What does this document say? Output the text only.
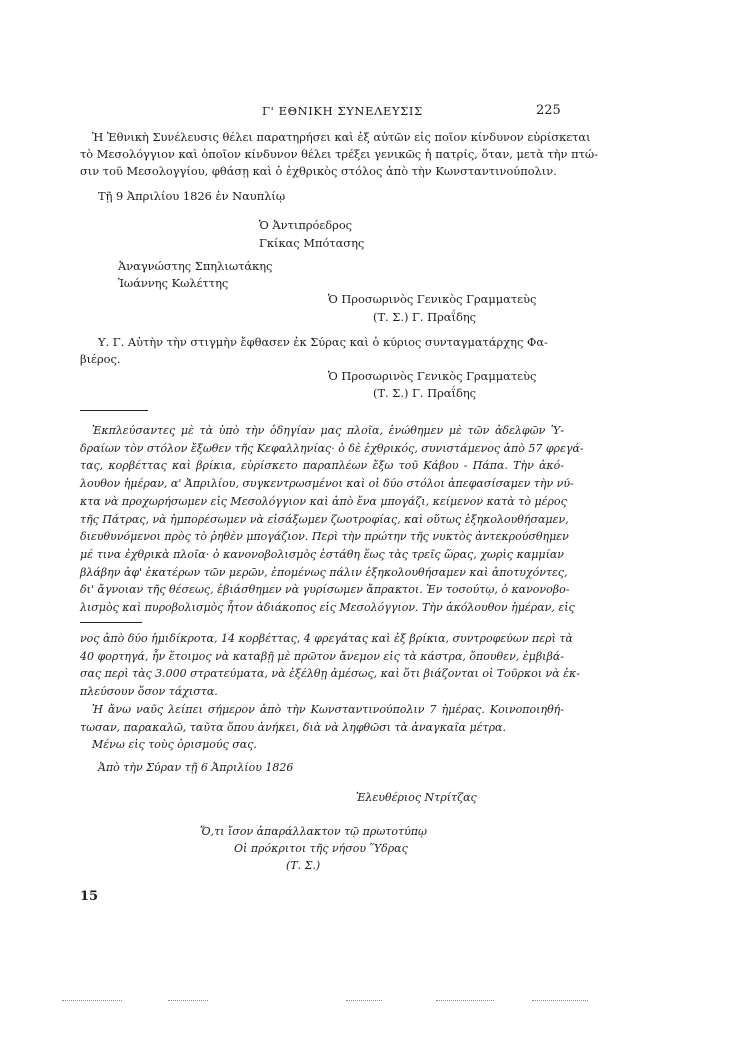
Γ' ΕΘΝΙΚΗ ΣΥΝΕΛΕΥΣΙΣ	225
Ἡ Ἐθνικὴ Συνέλευσις θέλει παρατηρήσει καὶ ἐξ αὐτῶν εἰς ποῖον κίνδυνον εὑρίσκεται
τὸ Μεσολόγγιον καὶ ὁποῖον κίνδυνον θέλει τρέξει γενικῶς ἡ πατρίς, ὅταν, μετὰ τὴν πτώ-
σιν τοῦ Μεσολογγίου, φθάσῃ καὶ ὁ ἐχθρικὸς στόλος ἀπὸ τὴν Κωνσταντινούπολιν.
Τῇ 9 Ἀπριλίου 1826 ἐν Ναυπλίῳ
Ὁ Ἀντιπρόεδρος
Γκίκας Μπότασης
Ἀναγνώστης Σπηλιωτάκης
Ἰωάννης Κωλέττης
Ὁ Προσωρινὸς Γενικὸς Γραμματεὺς
(Τ. Σ.) Γ. Πραΐδης
Υ. Γ. Αὐτὴν τὴν στιγμὴν ἔφθασεν ἐκ Σύρας καὶ ὁ κύριος συνταγματάρχης Φα-
βιέρος.
Ὁ Προσωρινὸς Γενικὸς Γραμματεὺς
(Τ. Σ.) Γ. Πραΐδης
Ἐκπλεύσαντες μὲ τὰ ὑπὸ τὴν ὁδηγίαν μας πλοῖα, ἑνώθημεν μὲ τῶν ἀδελφῶν Ὑ-
δραίων τὸν στόλον ἔξωθεν τῆς Κεφαλληνίας· ὁ δὲ ἐχθρικός, συνιστάμενος ἀπὸ 57 φρεγά-
τας, κορβέττας καὶ βρίκια, εὑρίσκετο παραπλέων ἔξω τοῦ Κάβου - Πάπα. Τὴν ἀκό-
λουθον ἡμέραν, α' Ἀπριλίου, συγκεντρωσμένοι καὶ οἱ δύο στόλοι ἀπεφασίσαμεν τὴν νύ-
κτα νὰ προχωρήσωμεν εἰς Μεσολόγγιον καὶ ἀπὸ ἕνα μπογάζι, κείμενον κατὰ τὸ μέρος
τῆς Πάτρας, νὰ ἠμπορέσωμεν νὰ εἰσάξωμεν ζωοτροφίας, καὶ οὕτως ἐξηκολουθήσαμεν,
διευθυνόμενοι πρὸς τὸ ῥηθὲν μπογάζιον. Περὶ τὴν πρώτην τῆς νυκτὸς ἀντεκρούσθημεν
μέ τινα ἐχθρικὰ πλοῖα· ὁ κανονοβολισμὸς ἐστάθη ἕως τὰς τρεῖς ὥρας, χωρὶς καμμίαν
βλάβην ἀφ' ἑκατέρων τῶν μερῶν, ἑπομένως πάλιν ἐξηκολουθήσαμεν καὶ ἀποτυχόντες,
δι' ἄγνοιαν τῆς θέσεως, ἐβιάσθημεν νὰ γυρίσωμεν ἄπρακτοι. Ἐν τοσούτῳ, ὁ κανονοβο-
λισμὸς καὶ πυροβολισμὸς ἦτον ἀδιάκοπος εἰς Μεσολόγγιον. Τὴν ἀκόλουθον ἡμέραν, εἰς
νος ἀπὸ δύο ἡμιδίκροτα, 14 κορβέττας, 4 φρεγάτας καὶ ἐξ βρίκια, συντροφεύων περὶ τὰ
40 φορτηγά, ἦν ἕτοιμος νὰ καταβῇ μὲ πρῶτον ἄνεμον εἰς τὰ κάστρα, ὅπουθεν, ἐμβιβά-
σας περὶ τὰς 3.000 στρατεύματα, νὰ ἐξέλθῃ ἀμέσως, καὶ ὅτι βιάζονται οἱ Τοῦρκοι νὰ ἐκ-
πλεύσουν ὅσον τάχιστα.
Ἡ ἄνω ναῦς λείπει σήμερον ἀπὸ τὴν Κωνσταντινούπολιν 7 ἡμέρας. Κοινοποιηθή-
τωσαν, παρακαλῶ, ταῦτα ὅπου ἀνήκει, διὰ νὰ ληφθῶσι τὰ ἀναγκαῖα μέτρα.
Μένω εἰς τοὺς ὁρισμούς σας.
Ἀπὸ τὴν Σύραν τῇ 6 Ἀπριλίου 1826
Ἐλευθέριος Ντρίτζας
Ὅ,τι ἴσον ἀπαράλλακτον τῷ πρωτοτύπῳ
Οἱ πρόκριτοι τῆς νήσου Ὕδρας
(Τ. Σ.)
15
